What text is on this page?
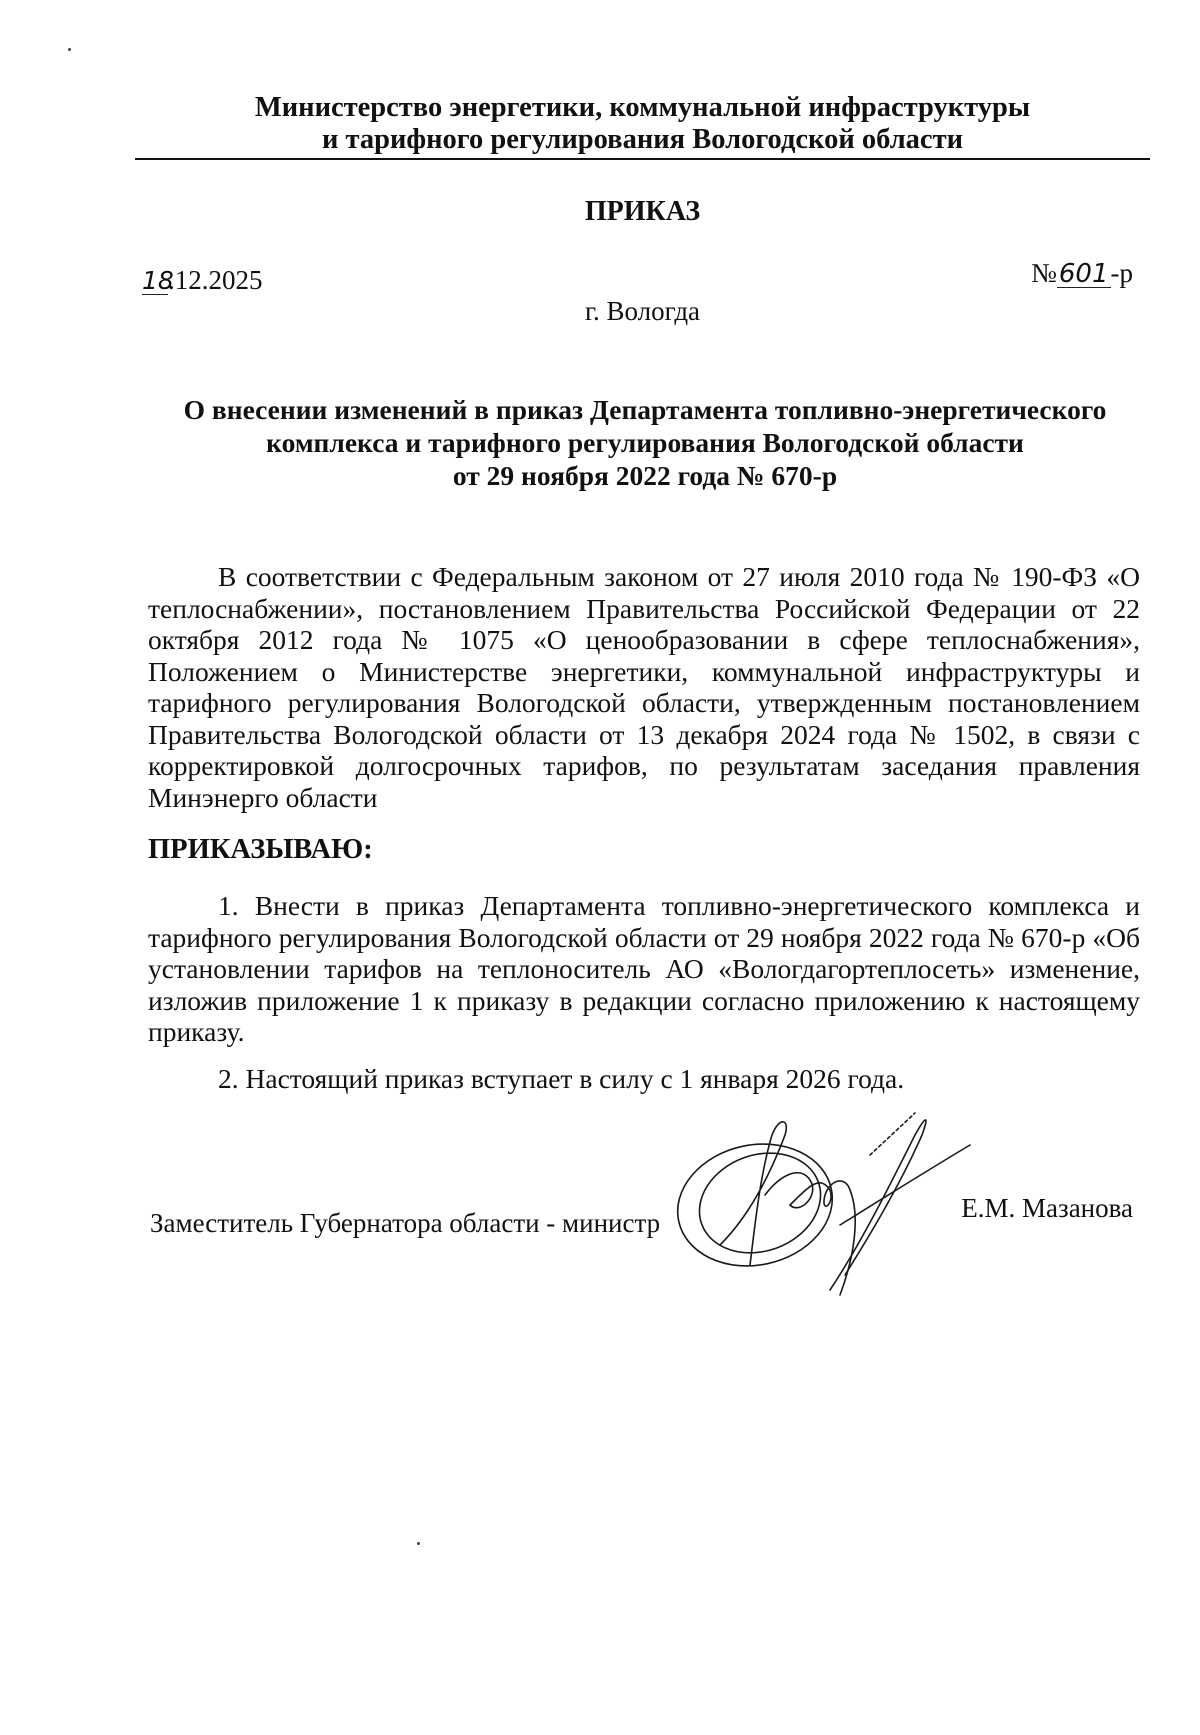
Министерство энергетики, коммунальной инфраструктуры
и тарифного регулирования Вологодской области
ПРИКАЗ
18.12.2025	№601-р
г. Вологда
О внесении изменений в приказ Департамента топливно-энергетического
комплекса и тарифного регулирования Вологодской области
от 29 ноября 2022 года № 670-р
В соответствии с Федеральным законом от 27 июля 2010 года № 190-ФЗ «О теплоснабжении», постановлением Правительства Российской Федерации от 22 октября 2012 года № 1075 «О ценообразовании в сфере теплоснабжения», Положением о Министерстве энергетики, коммунальной инфраструктуры и тарифного регулирования Вологодской области, утвержденным постановлением Правительства Вологодской области от 13 декабря 2024 года № 1502, в связи с корректировкой долгосрочных тарифов, по результатам заседания правления Минэнерго области
ПРИКАЗЫВАЮ:
1. Внести в приказ Департамента топливно-энергетического комплекса и тарифного регулирования Вологодской области от 29 ноября 2022 года № 670-р «Об установлении тарифов на теплоноситель АО «Вологдагортеплосеть» изменение, изложив приложение 1 к приказу в редакции согласно приложению к настоящему приказу.
2. Настоящий приказ вступает в силу с 1 января 2026 года.
Заместитель Губернатора области - министр	Е.М. Мазанова
